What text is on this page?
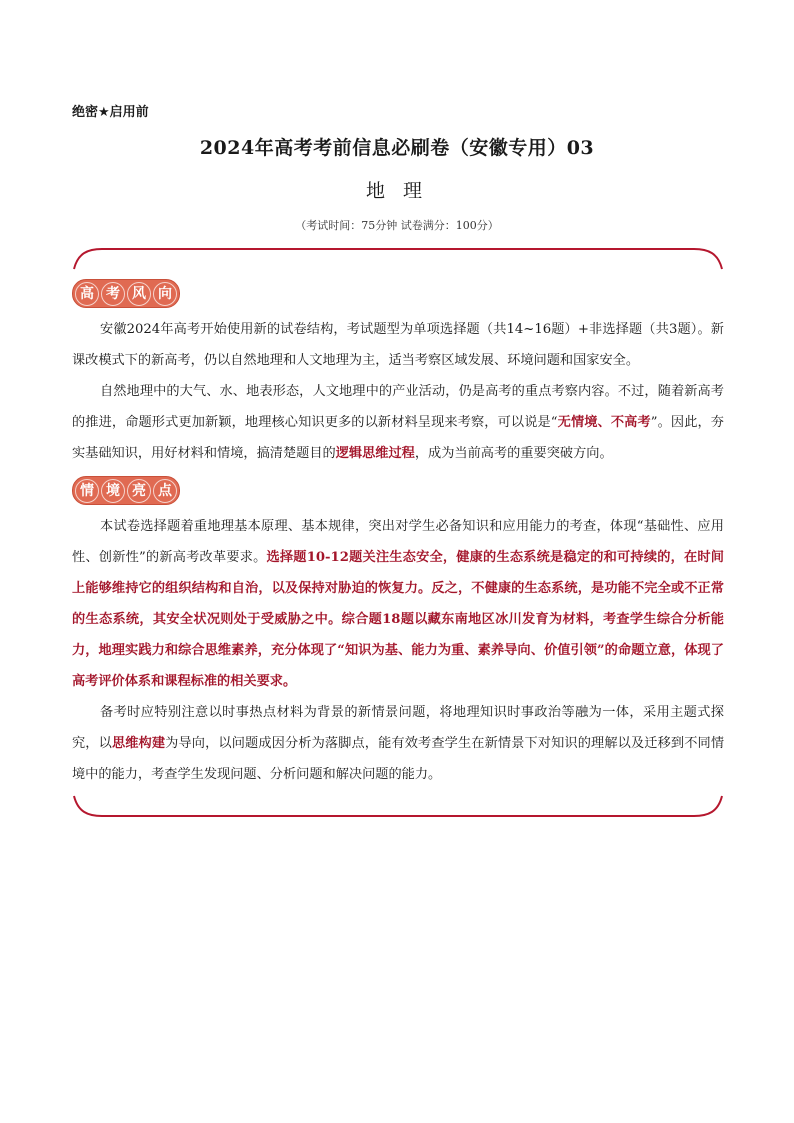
绝密★启用前
2024年高考考前信息必刷卷（安徽专用）03
地 理
（考试时间：75分钟 试卷满分：100分）
高 考 风 向

安徽2024年高考开始使用新的试卷结构，考试题型为单项选择题（共14~16题）+非选择题（共3题）。新课改模式下的新高考，仍以自然地理和人文地理为主，适当考察区域发展、环境问题和国家安全。

自然地理中的大气、水、地表形态，人文地理中的产业活动，仍是高考的重点考察内容。不过，随着新高考的推进，命题形式更加新颖，地理核心知识更多的以新材料呈现来考察，可以说是“无情境、不高考”。因此，夯实基础知识，用好材料和情境，搞清楚题目的逻辑思维过程，成为当前高考的重要突破方向。

情 境 亮 点

本试卷选择题着重地理基本原理、基本规律，突出对学生必备知识和应用能力的考查，体现“基础性、应用性、创新性”的新高考改革要求。选择题10-12题关注生态安全，健康的生态系统是稳定的和可持续的，在时间上能够维持它的组织结构和自治，以及保持对胁迫的恢复力。反之，不健康的生态系统，是功能不完全或不正常的生态系统，其安全状况则处于受威胁之中。综合题18题以藏东南地区冰川发育为材料，考查学生综合分析能力，地理实践力和综合思维素养，充分体现了“知识为基、能力为重、素养导向、价值引领”的命题立意，体现了高考评价体系和课程标准的相关要求。

备考时应特别注意以时事热点材料为背景的新情景问题，将地理知识时事政治等融为一体，采用主题式探究，以思维构建为导向，以问题成因分析为落脚点，能有效考查学生在新情景下对知识的理解以及迁移到不同情境中的能力，考查学生发现问题、分析问题和解决问题的能力。
